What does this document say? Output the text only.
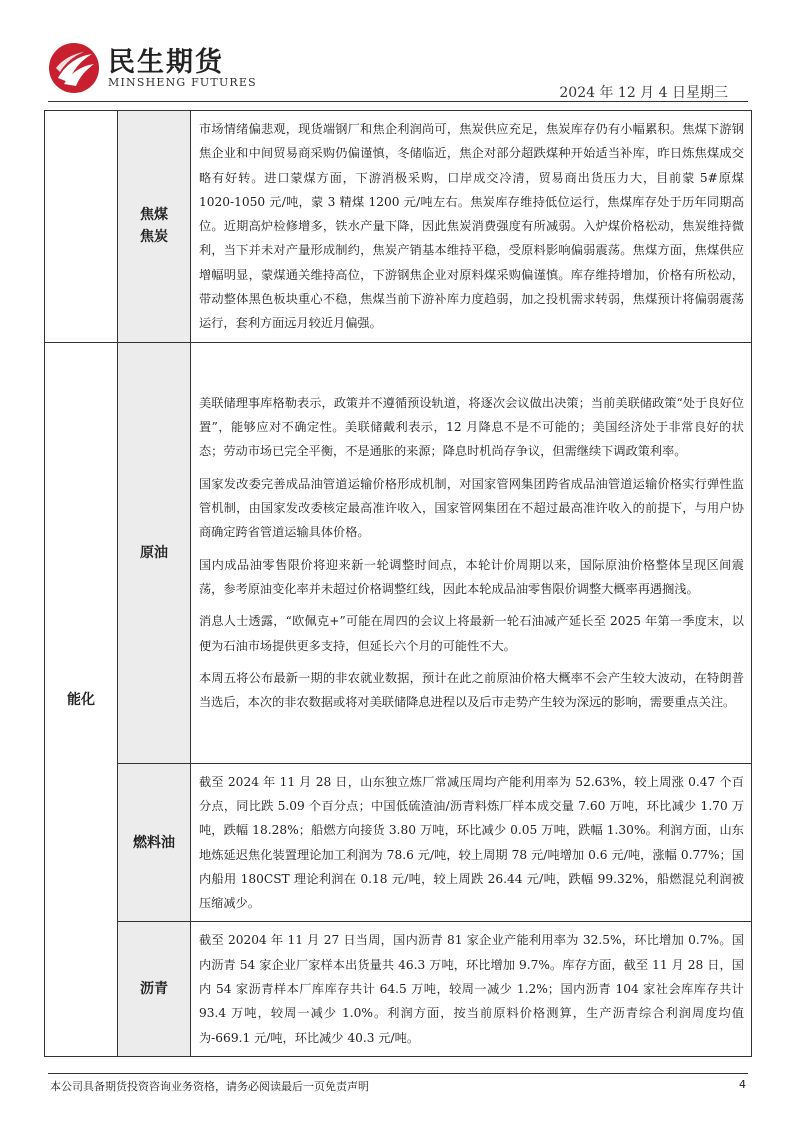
民生期货
MINSHENG FUTURES
2024 年 12 月 4 日星期三
	焦煤焦炭	市场情绪偏悲观，现货端钢厂和焦企利润尚可，焦炭供应充足，焦炭库存仍有小幅累积。焦煤下游钢焦企业和中间贸易商采购仍偏谨慎，冬储临近，焦企对部分超跌煤种开始适当补库，昨日炼焦煤成交略有好转。进口蒙煤方面，下游消极采购，口岸成交冷清，贸易商出货压力大，目前蒙 5#原煤 1020-1050 元/吨，蒙 3 精煤 1200 元/吨左右。焦炭库存维持低位运行，焦煤库存处于历年同期高位。近期高炉检修增多，铁水产量下降，因此焦炭消费强度有所减弱。入炉煤价格松动，焦炭维持微利，当下并未对产量形成制约，焦炭产销基本维持平稳，受原料影响偏弱震荡。焦煤方面，焦煤供应增幅明显，蒙煤通关维持高位，下游钢焦企业对原料煤采购偏谨慎。库存维持增加，价格有所松动，带动整体黑色板块重心不稳，焦煤当前下游补库力度趋弱，加之投机需求转弱，焦煤预计将偏弱震荡运行，套利方面远月较近月偏强。

能化	原油	美联储理事库格勒表示，政策并不遵循预设轨道，将逐次会议做出决策；当前美联储政策“处于良好位置”，能够应对不确定性。美联储戴利表示，12 月降息不是不可能的；美国经济处于非常良好的状态；劳动市场已完全平衡，不是通胀的来源；降息时机尚存争议，但需继续下调政策利率。

国家发改委完善成品油管道运输价格形成机制，对国家管网集团跨省成品油管道运输价格实行弹性监管机制，由国家发改委核定最高准许收入，国家管网集团在不超过最高准许收入的前提下，与用户协商确定跨省管道运输具体价格。

国内成品油零售限价将迎来新一轮调整时间点，本轮计价周期以来，国际原油价格整体呈现区间震荡，参考原油变化率并未超过价格调整红线，因此本轮成品油零售限价调整大概率再遇搁浅。

消息人士透露，“欧佩克+”可能在周四的会议上将最新一轮石油减产延长至 2025 年第一季度末，以便为石油市场提供更多支持，但延长六个月的可能性不大。

本周五将公布最新一期的非农就业数据，预计在此之前原油价格大概率不会产生较大波动，在特朗普当选后，本次的非农数据或将对美联储降息进程以及后市走势产生较为深远的影响，需要重点关注。

	燃料油	截至 2024 年 11 月 28 日，山东独立炼厂常减压周均产能利用率为 52.63%，较上周涨 0.47 个百分点，同比跌 5.09 个百分点；中国低硫渣油/沥青料炼厂样本成交量 7.60 万吨，环比减少 1.70 万吨，跌幅 18.28%；船燃方向接货 3.80 万吨，环比减少 0.05 万吨，跌幅 1.30%。利润方面，山东地炼延迟焦化装置理论加工利润为 78.6 元/吨，较上周期 78 元/吨增加 0.6 元/吨，涨幅 0.77%；国内船用 180CST 理论利润在 0.18 元/吨，较上周跌 26.44 元/吨，跌幅 99.32%，船燃混兑利润被压缩减少。

	沥青	截至 20204 年 11 月 27 日当周，国内沥青 81 家企业产能利用率为 32.5%，环比增加 0.7%。国内沥青 54 家企业厂家样本出货量共 46.3 万吨，环比增加 9.7%。库存方面，截至 11 月 28 日，国内 54 家沥青样本厂库库存共计 64.5 万吨，较周一减少 1.2%；国内沥青 104 家社会库库存共计 93.4 万吨，较周一减少 1.0%。利润方面，按当前原料价格测算，生产沥青综合利润周度均值为-669.1 元/吨，环比减少 40.3 元/吨。

本公司具备期货投资咨询业务资格，请务必阅读最后一页免责声明	4
